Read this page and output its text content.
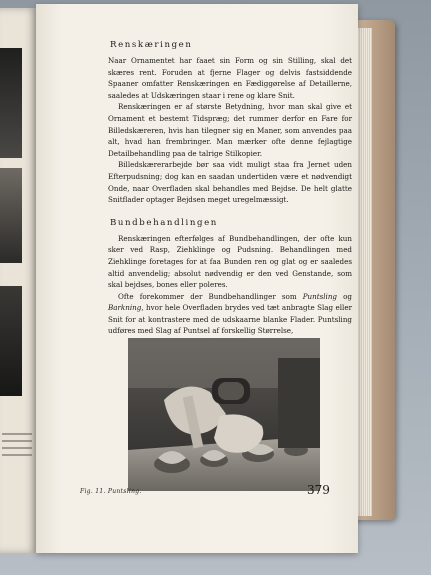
Renskæringen

Naar Ornamentet har faaet sin Form og sin Stilling, skal det skæres rent. Foruden at fjerne Flager og delvis fastsiddende Spaaner omfatter Renskæringen en Fædiggørelse af Detaillerne, saaledes at Udskæringen staar i rene og klare Snit.

Renskæringen er af største Betydning, hvor man skal give et Ornament et bestemt Tidspræg; det rummer derfor en Fare for Billedskæreren, hvis han tilegner sig en Maner, som anvendes paa alt, hvad han frembringer. Man mærker ofte denne fejlagtige Detailbehandling paa de talrige Stilkopier.

Billedskærerarbejde bør saa vidt muligt staa fra Jernet uden Efterpudsning; dog kan en saadan undertiden være et nødvendigt Onde, naar Overfladen skal behandles med Bejdse. De helt glatte Snitflader optager Bejdsen meget uregelmæssigt.

Bundbehandlingen

Renskæringen efterfølges af Bundbehandlingen, der ofte kun sker ved Rasp, Ziehklinge og Pudsning. Behandlingen med Ziehklinge foretages for at faa Bunden ren og glat og er saaledes altid anvendelig; absolut nødvendig er den ved Genstande, som skal bejdses, bones eller poleres.

Ofte forekommer der Bundbehandlinger som Puntsling og Barkning, hvor hele Overfladen brydes ved tæt anbragte Slag eller Snit for at kontrastere med de udskaarne blanke Flader. Puntsling udføres med Slag af Puntsel af forskellig Størrelse,

Fig. 11. Puntsling.	379
